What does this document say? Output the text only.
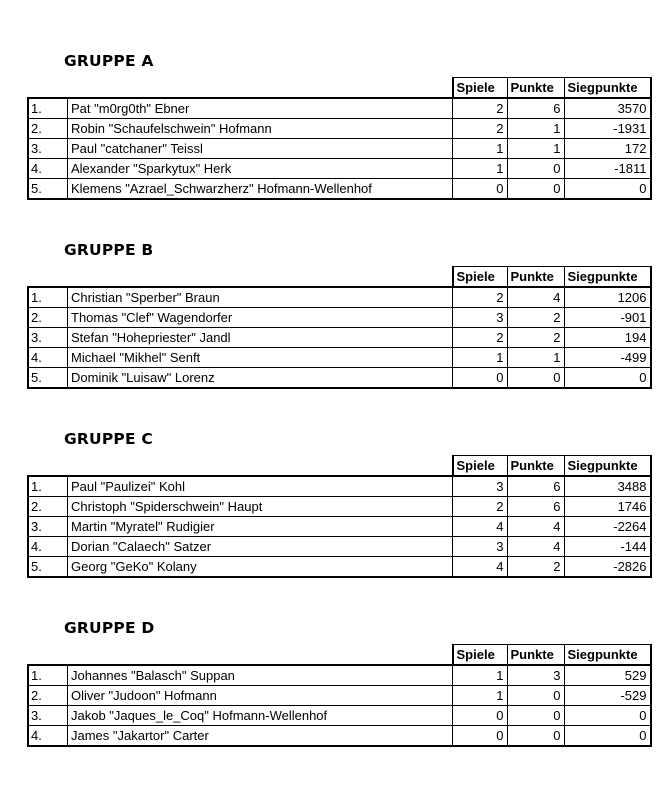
GRUPPE A
		Spiele	Punkte	Siegpunkte
1.	Pat "m0rg0th" Ebner	2	6	3570
2.	Robin "Schaufelschwein" Hofmann	2	1	-1931
3.	Paul "catchaner" Teissl	1	1	172
4.	Alexander "Sparkytux" Herk	1	0	-1811
5.	Klemens "Azrael_Schwarzherz" Hofmann-Wellenhof	0	0	0
GRUPPE B
		Spiele	Punkte	Siegpunkte
1.	Christian "Sperber" Braun	2	4	1206
2.	Thomas "Clef" Wagendorfer	3	2	-901
3.	Stefan "Hohepriester" Jandl	2	2	194
4.	Michael "Mikhel" Senft	1	1	-499
5.	Dominik "Luisaw" Lorenz	0	0	0
GRUPPE C
		Spiele	Punkte	Siegpunkte
1.	Paul "Paulizei" Kohl	3	6	3488
2.	Christoph "Spiderschwein" Haupt	2	6	1746
3.	Martin "Myratel" Rudigier	4	4	-2264
4.	Dorian "Calaech" Satzer	3	4	-144
5.	Georg "GeKo" Kolany	4	2	-2826
GRUPPE D
		Spiele	Punkte	Siegpunkte
1.	Johannes "Balasch" Suppan	1	3	529
2.	Oliver "Judoon" Hofmann	1	0	-529
3.	Jakob "Jaques_le_Coq" Hofmann-Wellenhof	0	0	0
4.	James "Jakartor" Carter	0	0	0
